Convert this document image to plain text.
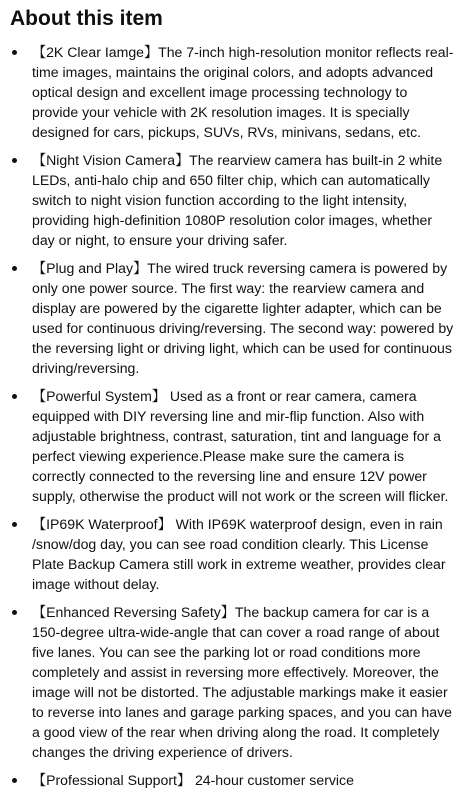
About this item
【2K Clear Iamge】The 7-inch high-resolution monitor reflects real-time images, maintains the original colors, and adopts advanced optical design and excellent image processing technology to provide your vehicle with 2K resolution images. It is specially designed for cars, pickups, SUVs, RVs, minivans, sedans, etc.
【Night Vision Camera】The rearview camera has built-in 2 white LEDs, anti-halo chip and 650 filter chip, which can automatically switch to night vision function according to the light intensity, providing high-definition 1080P resolution color images, whether day or night, to ensure your driving safer.
【Plug and Play】The wired truck reversing camera is powered by only one power source. The first way: the rearview camera and display are powered by the cigarette lighter adapter, which can be used for continuous driving/reversing. The second way: powered by the reversing light or driving light, which can be used for continuous driving/reversing.
【Powerful System】 Used as a front or rear camera, camera equipped with DIY reversing line and mir-flip function. Also with adjustable brightness, contrast, saturation, tint and language for a perfect viewing experience.Please make sure the camera is correctly connected to the reversing line and ensure 12V power supply, otherwise the product will not work or the screen will flicker.
【IP69K Waterproof】 With IP69K waterproof design, even in rain /snow/dog day, you can see road condition clearly. This License Plate Backup Camera still work in extreme weather, provides clear image without delay.
【Enhanced Reversing Safety】The backup camera for car is a 150-degree ultra-wide-angle that can cover a road range of about five lanes. You can see the parking lot or road conditions more completely and assist in reversing more effectively. Moreover, the image will not be distorted. The adjustable markings make it easier to reverse into lanes and garage parking spaces, and you can have a good view of the rear when driving along the road. It completely changes the driving experience of drivers.
【Professional Support】 24-hour customer service
